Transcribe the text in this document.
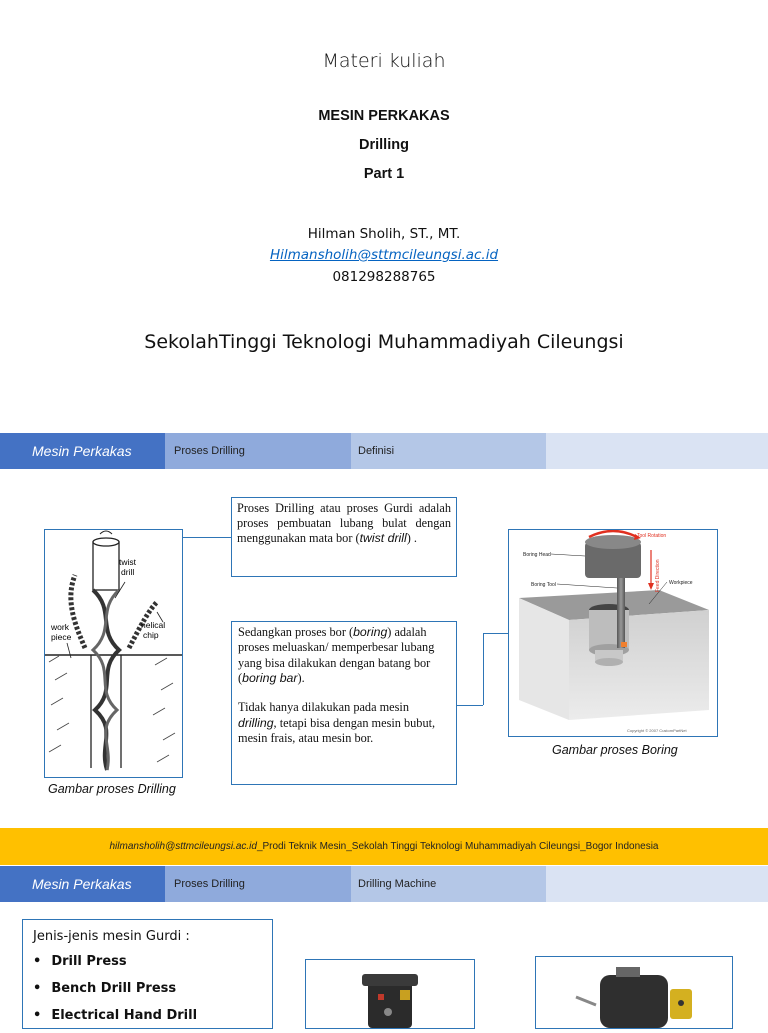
Materi kuliah
MESIN PERKAKAS
Drilling
Part 1
Hilman Sholih, ST., MT.
Hilmansholih@sttmcileungsi.ac.id
081298288765
SekolahTinggi Teknologi Muhammadiyah Cileungsi
Mesin Perkakas	Proses Drilling	Definisi
twist drill
work piece
helical chip
Gambar proses Drilling
Proses Drilling atau proses Gurdi adalah proses pembuatan lubang bulat dengan menggunakan mata bor (twist drill) .
Sedangkan proses bor (boring) adalah proses meluaskan/ memperbesar lubang yang bisa dilakukan dengan batang bor (boring bar).
Tidak hanya dilakukan pada mesin drilling, tetapi bisa dengan mesin bubut, mesin frais, atau mesin bor.
Tool Rotation
Boring Head
Boring Tool	Workpiece
Feed Direction
Copyright © 2007 CustomPartNet
Gambar proses Boring
hilmansholih@sttmcileungsi.ac.id _Prodi Teknik Mesin_Sekolah Tinggi Teknologi Muhammadiyah Cileungsi_Bogor Indonesia
Mesin Perkakas	Proses Drilling	Drilling Machine
Jenis-jenis mesin Gurdi :
• Drill Press
• Bench Drill Press
• Electrical Hand Drill
